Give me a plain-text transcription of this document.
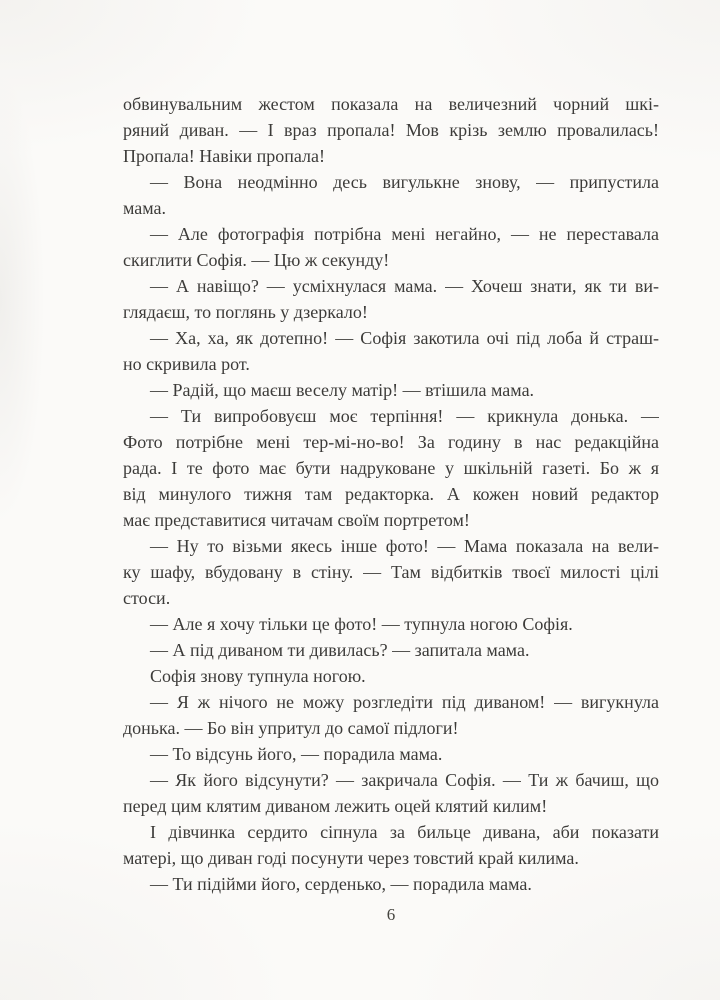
обвинувальним жестом показала на величезний чорний шкі-
ряний диван. — І враз пропала! Мов крізь землю провалилась!
Пропала! Навіки пропала!
— Вона неодмінно десь вигулькне знову, — припустила
мама.
— Але фотографія потрібна мені негайно, — не переставала
скиглити Софія. — Цю ж секунду!
— А навіщо? — усміхнулася мама. — Хочеш знати, як ти ви-
глядаєш, то поглянь у дзеркало!
— Ха, ха, як дотепно! — Софія закотила очі під лоба й страш-
но скривила рот.
— Радій, що маєш веселу матір! — втішила мама.
— Ти випробовуєш моє терпіння! — крикнула донька. —
Фото потрібне мені тер-мі-но-во! За годину в нас редакційна
рада. І те фото має бути надруковане у шкільній газеті. Бо ж я
від минулого тижня там редакторка. А кожен новий редактор
має представитися читачам своїм портретом!
— Ну то візьми якесь інше фото! — Мама показала на вели-
ку шафу, вбудовану в стіну. — Там відбитків твоєї милості цілі
стоси.
— Але я хочу тільки це фото! — тупнула ногою Софія.
— А під диваном ти дивилась? — запитала мама.
Софія знову тупнула ногою.
— Я ж нічого не можу розгледіти під диваном! — вигукнула
донька. — Бо він упритул до самої підлоги!
— То відсунь його, — порадила мама.
— Як його відсунути? — закричала Софія. — Ти ж бачиш, що
перед цим клятим диваном лежить оцей клятий килим!
І дівчинка сердито сіпнула за бильце дивана, аби показати
матері, що диван годі посунути через товстий край килима.
— Ти підійми його, серденько, — порадила мама.
6
